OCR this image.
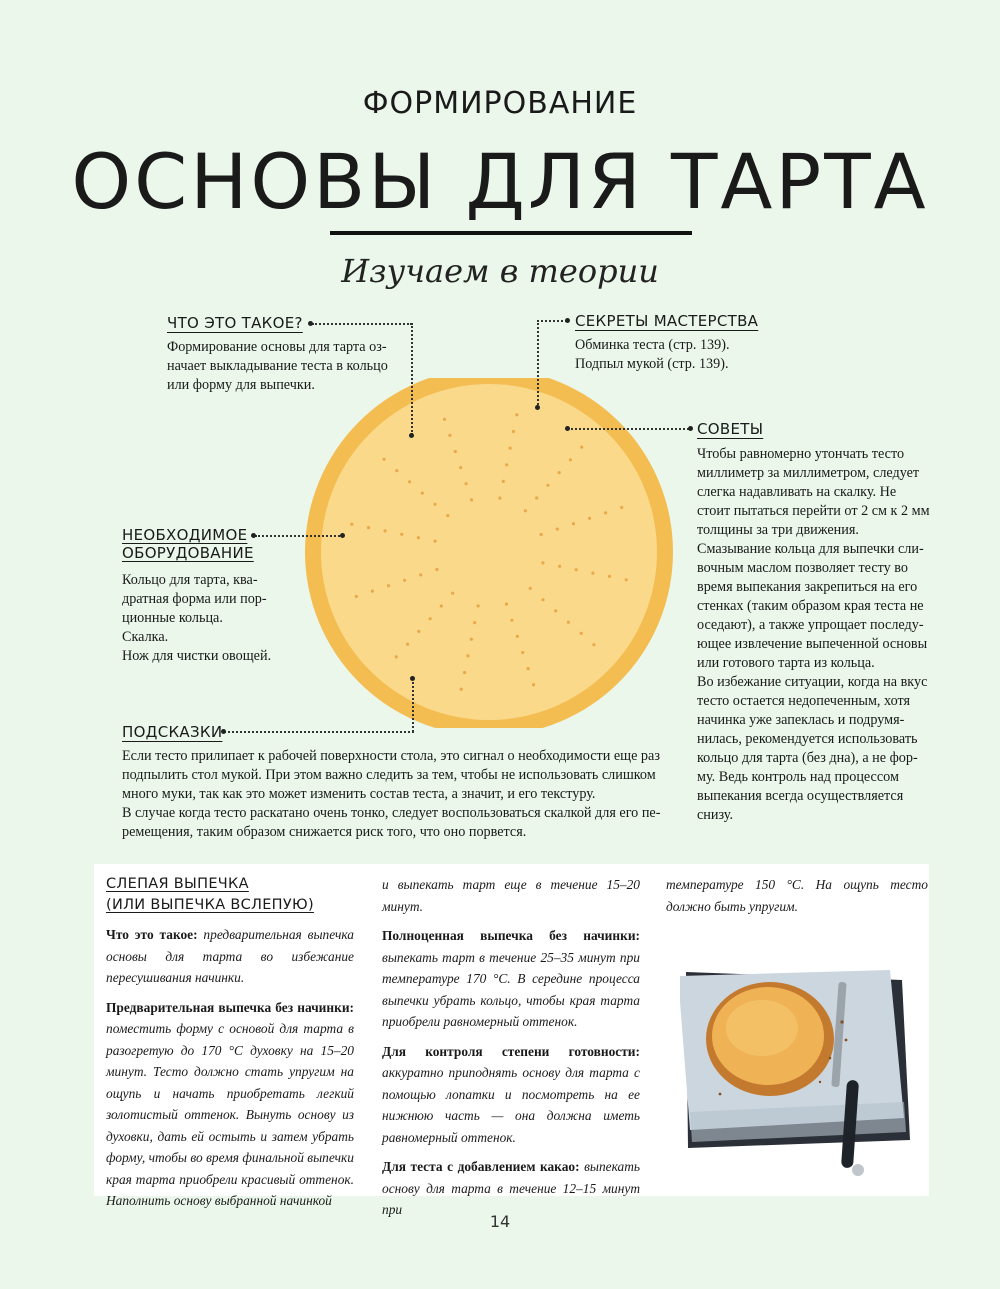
ФОРМИРОВАНИЕ
ОСНОВЫ ДЛЯ ТАРТА
Изучаем в теории
ЧТО ЭТО ТАКОЕ?
Формирование основы для тарта оз-
начает выкладывание теста в кольцо
или форму для выпечки.
СЕКРЕТЫ МАСТЕРСТВА
Обминка теста (стр. 139).
Подпыл мукой (стр. 139).
СОВЕТЫ
Чтобы равномерно утончать тесто
миллиметр за миллиметром, следует
слегка надавливать на скалку. Не
стоит пытаться перейти от 2 см к 2 мм
толщины за три движения.
Смазывание кольца для выпечки сли-
вочным маслом позволяет тесту во
время выпекания закрепиться на его
стенках (таким образом края теста не
оседают), а также упрощает последу-
ющее извлечение выпеченной основы
или готового тарта из кольца.
Во избежание ситуации, когда на вкус
тесто остается недопеченным, хотя
начинка уже запеклась и подрумя-
нилась, рекомендуется использовать
кольцо для тарта (без дна), а не фор-
му. Ведь контроль над процессом
выпекания всегда осуществляется
снизу.
НЕОБХОДИМОЕ
ОБОРУДОВАНИЕ
Кольцо для тарта, ква-
дратная форма или пор-
ционные кольца.
Скалка.
Нож для чистки овощей.
ПОДСКАЗКИ
Если тесто прилипает к рабочей поверхности стола, это сигнал о необходимости еще раз
подпылить стол мукой. При этом важно следить за тем, чтобы не использовать слишком
много муки, так как это может изменить состав теста, а значит, и его текстуру.
В случае когда тесто раскатано очень тонко, следует воспользоваться скалкой для его пе-
ремещения, таким образом снижается риск того, что оно порвется.
СЛЕПАЯ ВЫПЕЧКА
(ИЛИ ВЫПЕЧКА ВСЛЕПУЮ)

Что это такое: предварительная выпечка основы для тарта во избежание пересушивания начинки.

Предварительная выпечка без начинки: поместить форму с основой для тарта в разогретую до 170 °C духовку на 15–20 минут. Тесто должно стать упругим на ощупь и начать приобретать легкий золотистый оттенок. Вынуть основу из духовки, дать ей остыть и затем убрать форму, чтобы во время финальной выпечки края тарта приобрели красивый оттенок. Наполнить основу выбранной начинкой

и выпекать тарт еще в течение 15–20 минут.

Полноценная выпечка без начинки: выпекать тарт в течение 25–35 минут при температуре 170 °C. В середине процесса выпечки убрать кольцо, чтобы края тарта приобрели равномерный оттенок.

Для контроля степени готовности: аккуратно приподнять основу для тарта с помощью лопатки и посмотреть на ее нижнюю часть — она должна иметь равномерный оттенок.

Для теста с добавлением какао: выпекать основу для тарта в течение 12–15 минут при

температуре 150 °C. На ощупь тесто должно быть упругим.

14
